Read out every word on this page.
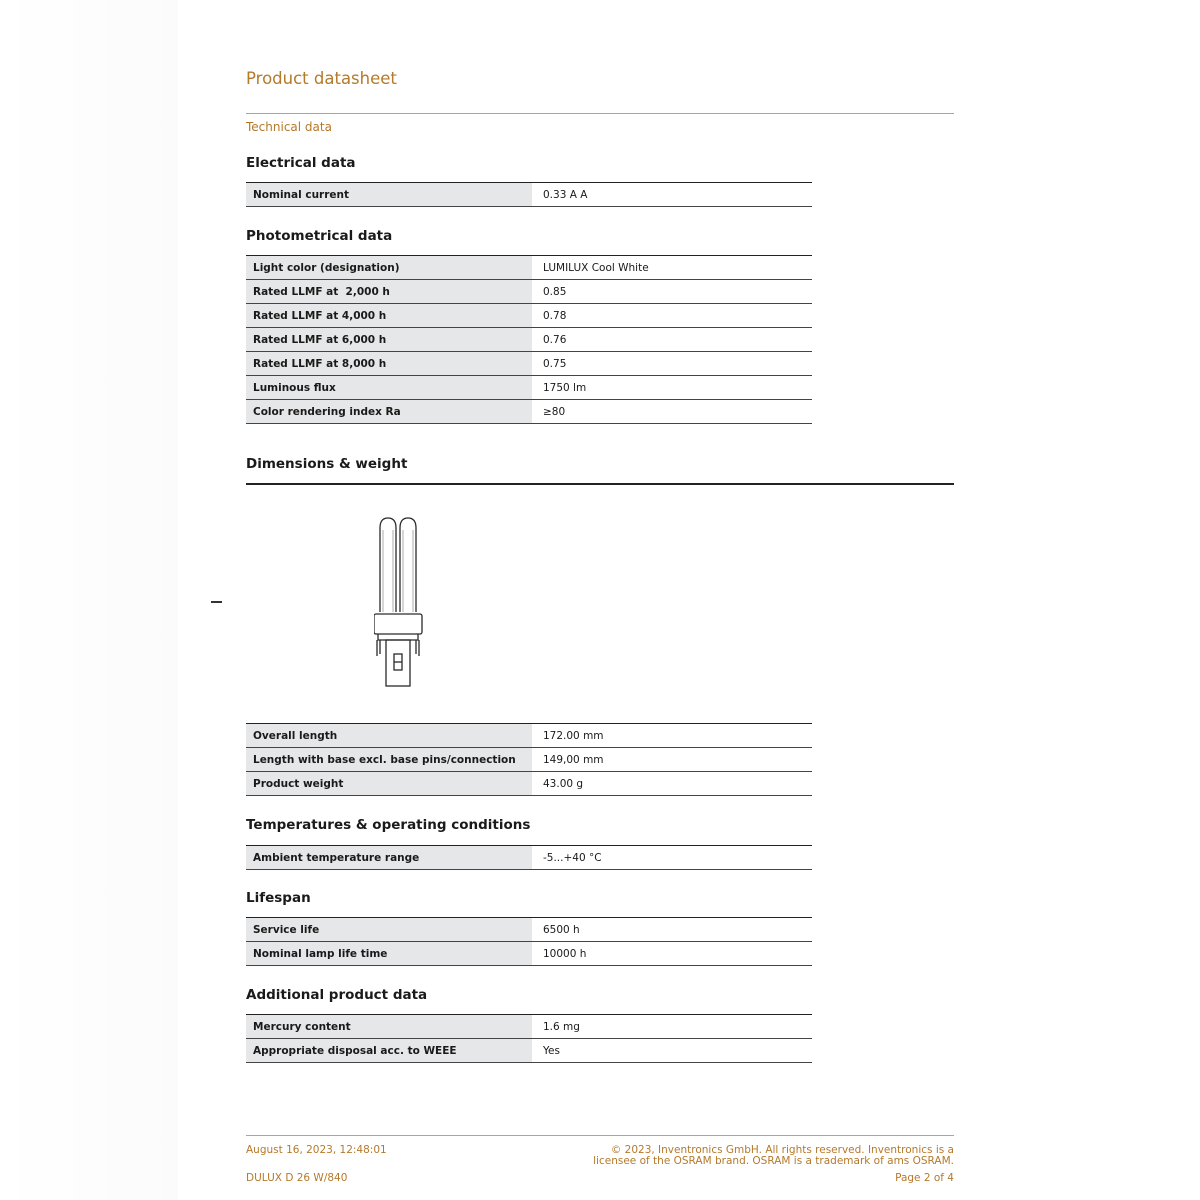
Product datasheet
Technical data
Electrical data
Nominal current		0.33 A A
Photometrical data
Light color (designation)		LUMILUX Cool White
Rated LLMF at  2,000 h		0.85
Rated LLMF at 4,000 h		0.78
Rated LLMF at 6,000 h		0.76
Rated LLMF at 8,000 h		0.75
Luminous flux		1750 lm
Color rendering index Ra		≥80
Dimensions & weight
Overall length		172.00 mm
Length with base excl. base pins/connection		149,00 mm
Product weight		43.00 g
Temperatures & operating conditions
Ambient temperature range		-5...+40 °C
Lifespan
Service life		6500 h
Nominal lamp life time		10000 h
Additional product data
Mercury content		1.6 mg
Appropriate disposal acc. to WEEE		Yes
August 16, 2023, 12:48:01
DULUX D 26 W/840
© 2023, Inventronics GmbH. All rights reserved. Inventronics is a
licensee of the OSRAM brand. OSRAM is a trademark of ams OSRAM.
Page 2 of 4
